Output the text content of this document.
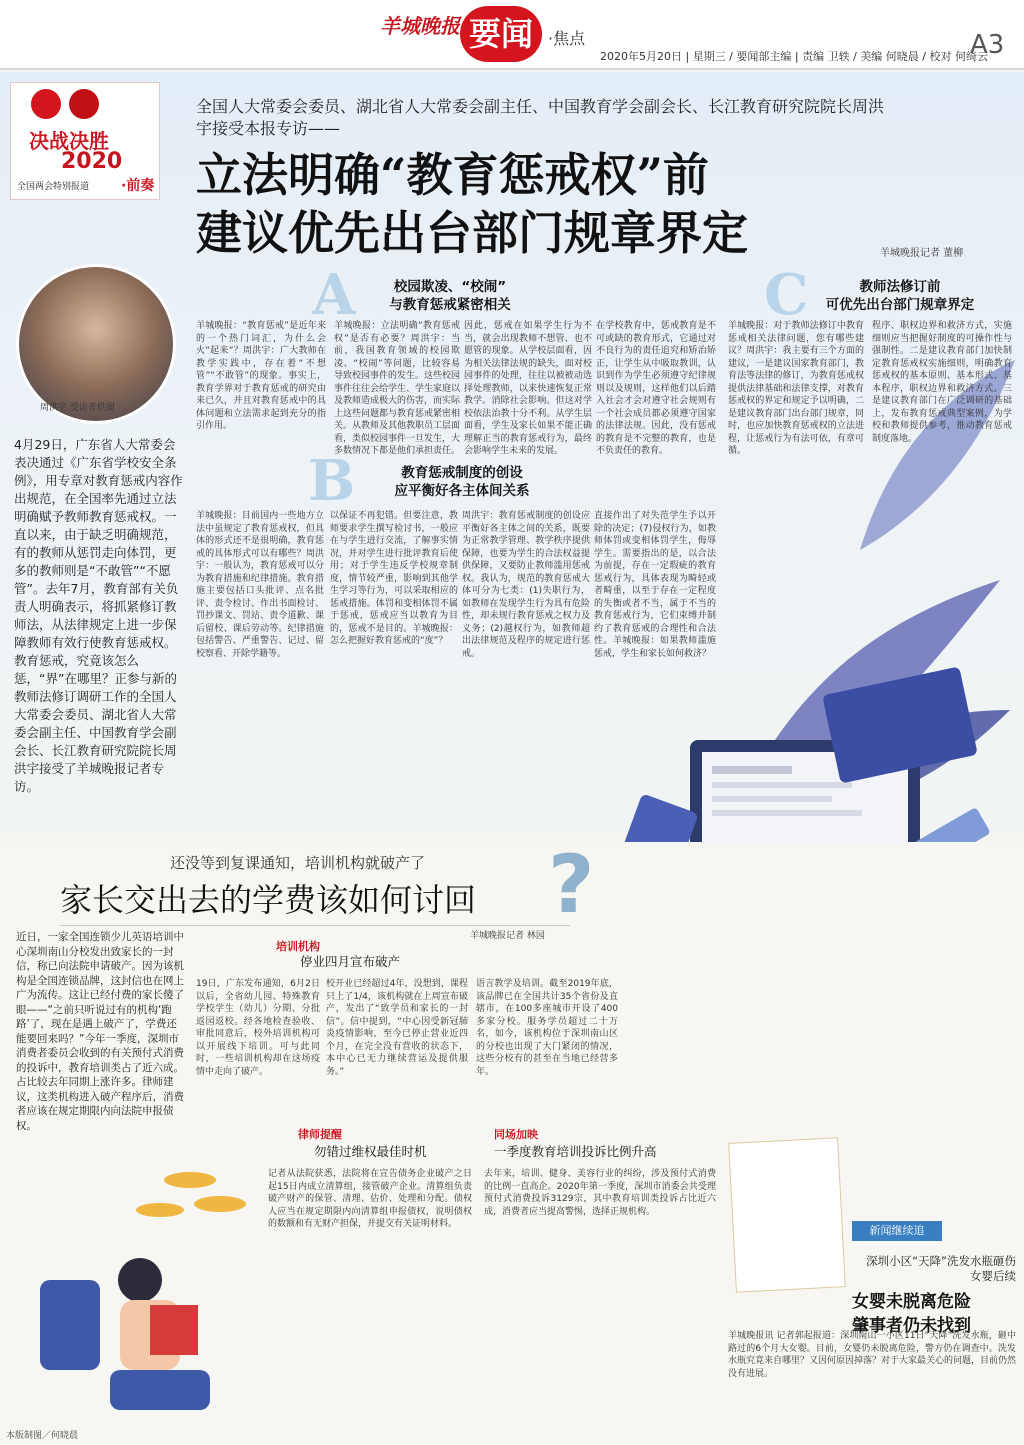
羊城晚报 要闻 ·焦点
2020年5月20日 | 星期三 / 要闻部主编 | 责编 卫轶 / 美编 何晓晨 / 校对 何绮云
A3
决战决胜
2020
全国两会特别报道 ·前奏
全国人大常委会委员、湖北省人大常委会副主任、中国教育学会副会长、长江教育研究院院长周洪宇接受本报专访——
立法明确“教育惩戒权”前
建议优先出台部门规章界定	羊城晚报记者 董柳
周洪宇 受访者供图
4月29日，广东省人大常委会表决通过《广东省学校安全条例》，用专章对教育惩戒内容作出规范，在全国率先通过立法明确赋予教师教育惩戒权。一直以来，由于缺乏明确规范，有的教师从惩罚走向体罚，更多的教师则是“不敢管”“不愿管”。去年7月，教育部有关负责人明确表示，将抓紧修订教师法，从法律规定上进一步保障教师有效行使教育惩戒权。教育惩戒，究竟该怎么惩，“界”在哪里？正参与新的教师法修订调研工作的全国人大常委会委员、湖北省人大常委会副主任、中国教育学会副会长、长江教育研究院院长周洪宇接受了羊城晚报记者专访。
A	校园欺凌、“校闹”
与教育惩戒紧密相关
羊城晚报：“教育惩戒”是近年来的一个热门词汇，为什么会火“起来”？周洪宇：广大教师在教学实践中，存在着“不想管”“不敢管”的现象。事实上，教育学界对于教育惩戒的研究由来已久，并且对教育惩戒中的具体问题和立法需求起到充分的指引作用。
羊城晚报：立法明确“教育惩戒权”是否有必要？周洪宇：当前，我国教育领域的校园欺凌、“校闹”等问题，比较容易导致校园事件的发生。这些校园事件往往会给学生、学生家庭以及教师造成极大的伤害，而实际上这些问题都与教育惩戒紧密相关。从教师及其他教职员工层面看，类似校园事件一旦发生，大多数情况下都是他们承担责任。
因此，惩戒在如果学生行为不当，就会出现教师不想管、也不愿管的现象。从学校层面看，因为相关法律法规的缺失，面对校园事件的处理，往往以被被动选择处理教师，以来快速恢复正常教学。消除社会影响。但这对学校依法治教十分不利。从学生层面看，学生及家长如果不能正确理解正当的教育惩戒行为，最终会影响学生未来的发展。
在学校教育中，惩戒教育是不可或缺的教育形式，它通过对不良行为的责任追究和矫治矫正，让学生从中吸取教训，认识到作为学生必须遵守纪律规则以及规则，这样他们以后踏入社会才会对遵守社会规则有一个社会成员都必须遵守国家的法律法规。因此，没有惩戒的教育是不完整的教育，也是不负责任的教育。
B	教育惩戒制度的创设
应平衡好各主体间关系
羊城晚报：目前国内一些地方立法中虽规定了教育惩戒权，但具体的形式还不是很明确，教育惩戒的具体形式可以有哪些？周洪宇：一般认为，教育惩戒可以分为教育措施和纪律措施。教育措施主要包括口头批评、点名批评、责令检讨、作出书面检讨、罚抄课文、罚站、责令道歉、课后留校、课后劳动等。纪律措施包括警告、严重警告、记过、留校察看、开除学籍等。
以保证不再犯错。但要注意，教师要求学生撰写检讨书，一般应在与学生进行交流，了解事实情况，并对学生进行批评教育后使用；对于学生违反学校规章制度，情节较严重，影响到其他学生学习等行为，可以采取相应的惩戒措施。体罚和变相体罚不属于惩戒，惩戒应当以教育为目的，惩戒不是目的。羊城晚报：怎么把握好教育惩戒的“度”？
周洪宇：教育惩戒制度的创设应平衡好各主体之间的关系，既要为正常教学管理、教学秩序提供保障，也要为学生的合法权益提供保障，又要防止教师滥用惩戒权。我认为，规范的教育惩戒大体可分为七类：(1)失职行为，如教师在发现学生行为具有危险性，却未规行教育惩戒之权力及义务；(2)越权行为，如教师超出法律规范及程序的规定进行惩戒。
直接作出了对失范学生予以开除的决定；(7)侵权行为，如教师体罚或变相体罚学生，侮辱学生。需要指出的是，以合法为前提，存在一定瑕疵的教育惩戒行为，具体表现为畸轻或者畸重，以至于存在一定程度的失衡或者不当，属于不当的教育惩戒行为，它们束缚并制约了教育惩戒的合理性和合法性。羊城晚报：如果教师滥施惩戒，学生和家长如何救济？
C	教师法修订前
可优先出台部门规章界定
羊城晚报：对于教师法修订中教育惩戒相关法律问题，您有哪些建议？周洪宇：我主要有三个方面的建议，一是建议国家教育部门，教育法等法律的修订，为教育惩戒权提供法律基础和法律支撑，对教育惩戒权的界定和规定予以明确，二是建议教育部门出台部门规章，同时，也应加快教育惩戒权的立法进程，让惩戒行为有法可依，有章可循。
程序、职权边界和救济方式，实施细则应当把握好制度的可操作性与强制性。二是建议教育部门加快制定教育惩戒权实施细则，明确教育惩戒权的基本原则、基本形式、基本程序，职权边界和救济方式。三是建议教育部门在广泛调研的基础上，发布教育惩戒典型案例，为学校和教师提供参考，推动教育惩戒制度落地。
还没等到复课通知，培训机构就破产了
家长交出去的学费该如何讨回 ?
羊城晚报记者 林园
近日，一家全国连锁少儿英语培训中心深圳南山分校发出致家长的一封信，称已向法院申请破产。因为该机构是全国连锁品牌，这封信也在网上广为流传。这让已经付费的家长傻了眼——“之前只听说过有的机构‘跑路’了，现在是遇上破产了，学费还能要回来吗？”今年一季度，深圳市消费者委员会收到的有关预付式消费的投诉中，教育培训类占了近六成。占比较去年同期上涨许多。律师建议，这类机构进入破产程序后，消费者应该在规定期限内向法院申报债权。
培训机构
停业四月宣布破产
19日，广东发布通知，6月2日以后，全省幼儿园、特殊教育学校学生（幼儿）分期、分批返园返校。经各地检查验收、审批同意后，校外培训机构可以开展线下培训。可与此同时，一些培训机构却在这场疫情中走向了破产。
校开业已经超过4年，没想到，课程只上了1/4，该机构就在上周宣布破产，发出了“致学员和家长的一封信”。信中提到，“中心因受新冠肺炎疫情影响，至今已停止营业近四个月，在完全没有营收的状态下，本中心已无力继续营运及提供服务。”
语言教学及培训。截至2019年底，该品牌已在全国共计35个省份及直辖市，在100多座城市开设了400多家分校。服务学员超过二十万名，如今，该机构位于深圳南山区的分校也出现了大门紧闭的情况，这些分校有的甚至在当地已经营多年。
律师提醒
勿错过维权最佳时机
记者从法院获悉，法院将在宣告债务企业破产之日起15日内成立清算组，接管破产企业。清算组负责破产财产的保管、清理、估价、处理和分配。债权人应当在规定期限内向清算组申报债权，说明债权的数额和有无财产担保，并提交有关证明材料。
同场加映
一季度教育培训投诉比例升高
去年来，培训、健身、美容行业的纠纷，涉及预付式消费的比例一直高企。2020年第一季度，深圳市消委会共受理预付式消费投诉3129宗，其中教育培训类投诉占比近六成，消费者应当提高警惕，选择正规机构。
新闻继续追
深圳小区“天降”洗发水瓶砸伤女婴后续
女婴未脱离危险
肇事者仍未找到
羊城晚报讯 记者郭起报道：深圳南山一小区11日“天降”洗发水瓶，砸中路过的6个月大女婴。目前，女婴仍未脱离危险，警方仍在调查中。洗发水瓶究竟来自哪里？又因何原因掉落？对于大家最关心的问题，目前仍然没有进展。
本版制图／何晓晨
